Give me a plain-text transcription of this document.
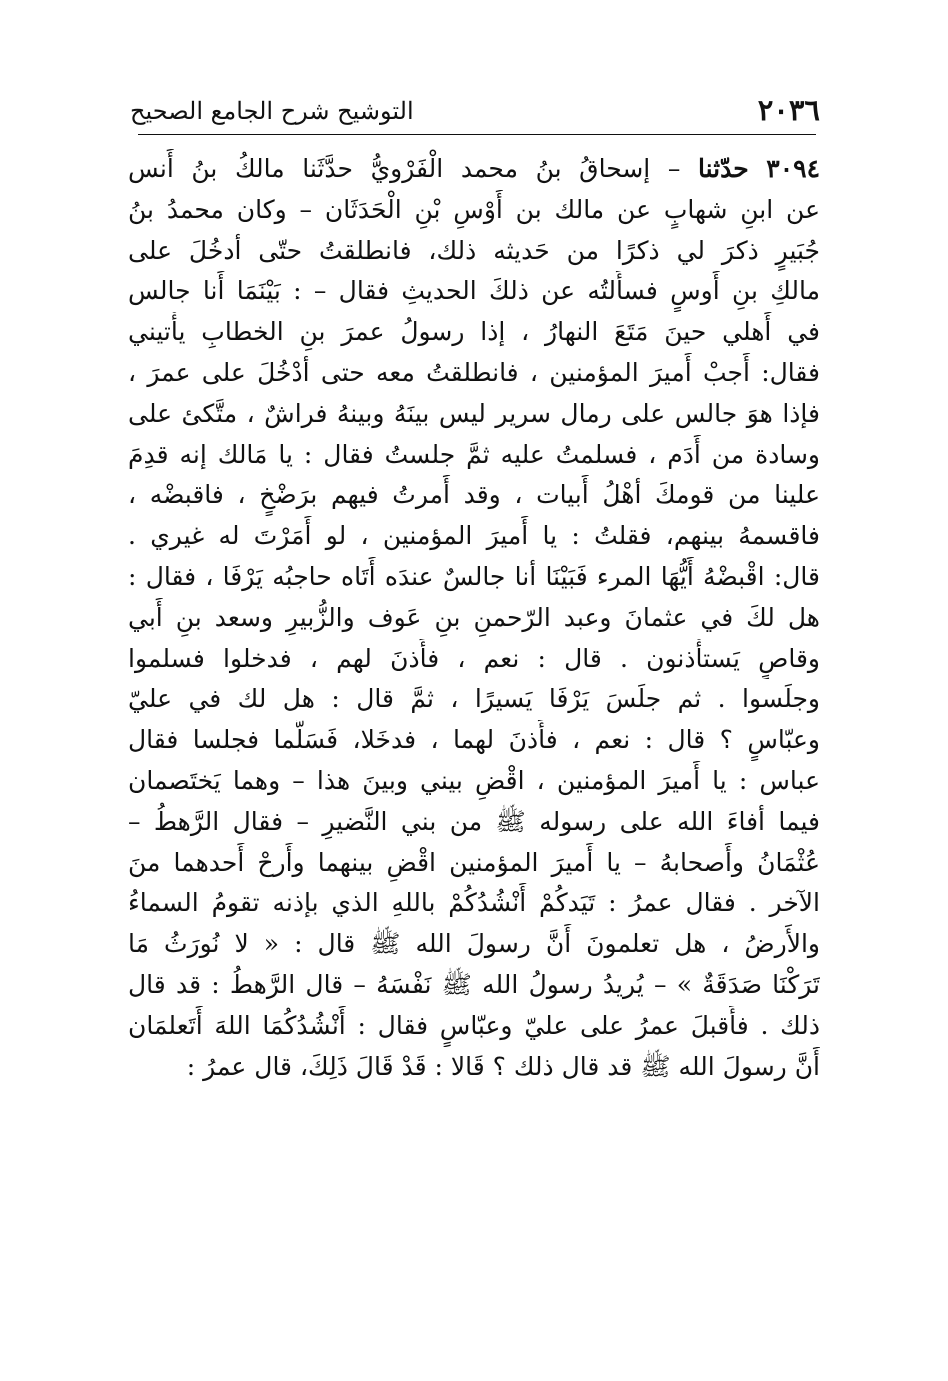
٢٠٣٦
التوشيح شرح الجامع الصحيح
٣٠٩٤ حدّثنا – إسحاقُ بنُ محمد الْفَرْويُّ حدَّثَنا مالكُ بنُ أَنس
عن ابنِ شهابٍ عن مالك بن أَوْسِ بْنِ الْحَدَثَان – وكان محمدُ بنُ
جُبَيرٍ ذكرَ لي ذكرًا من حَديثه ذلك، فانطلقتُ حتّى أدخُلَ على
مالكِ بنِ أَوسٍ فسأَلتُه عن ذلكَ الحديثِ فقال – : بَيْنَمَا أَنا جالس
في أَهلي حينَ مَتَعَ النهارُ ، إذا رسولُ عمرَ بنِ الخطابِ يأْتيني
فقال: أَجبْ أَميرَ المؤمنين ، فانطلقتُ معه حتى أدْخُلَ على عمرَ ،
فإذا هوَ جالس على رمال سرير ليس بينَهُ وبينهُ فراشٌ ، متَّكئ على
وسادة من أَدَم ، فسلمتُ عليه ثمَّ جلستُ فقال : يا مَالك إنه قدِمَ
علينا من قومكَ أهْلُ أَبيات ، وقد أَمرتُ فيهم برَضْخٍ ، فاقبضْه ،
فاقسمهُ بينهم، فقلتُ : يا أَميرَ المؤمنين ، لو أَمَرْتَ له غيري .
قال: اقْبضْهُ أَيُّهَا المرء فَبَيْنَا أنا جالسٌ عندَه أَتَاه حاجبُه يَرْفَا ، فقال :
هل لكَ في عثمانَ وعبد الرّحمنِ بنِ عَوف والزُّبيرِ وسعد بنِ أَبي
وقاصٍ يَستأْذنون . قال : نعم ، فأَذنَ لهم ، فدخلوا فسلموا
وجلَسوا . ثم جلَسَ يَرْفَا يَسيرًا ، ثمَّ قال : هل لك في عليّ
وعبّاسٍ ؟ قال : نعم ، فأَذنَ لهما ، فدخَلا، فَسَلَّما فجلسا فقال
عباس : يا أَميرَ المؤمنين ، اقْضِ بيني وبينَ هذا – وهما يَختَصمان
فيما أفاءَ الله على رسوله ﷺ من بني النَّضيرِ – فقال الرَّهطُ –
عُثْمَانُ وأَصحابهُ – يا أَميرَ المؤمنين اقْضِ بينهما وأَرحْ أَحدهما منَ
الآخر . فقال عمرُ : تَيَدكُمْ أَنْشُدُكُمْ باللهِ الذي بإذنه تقومُ السماءُ
والأَرضُ ، هل تعلمونَ أَنَّ رسولَ الله ﷺ قال : « لا نُورَثُ مَا
تَرَكْنَا صَدَقَةٌ » – يُريدُ رسولُ الله ﷺ نَفْسَهُ – قال الرَّهطُ : قد قال
ذلك . فأَقبلَ عمرُ على عليّ وعبّاسٍ فقال : أَنْشُدُكُمَا اللهَ أَتَعلمَان
أَنَّ رسولَ الله ﷺ قد قال ذلك ؟ قَالا : قَدْ قَالَ ذَلِكَ، قال عمرُ :
